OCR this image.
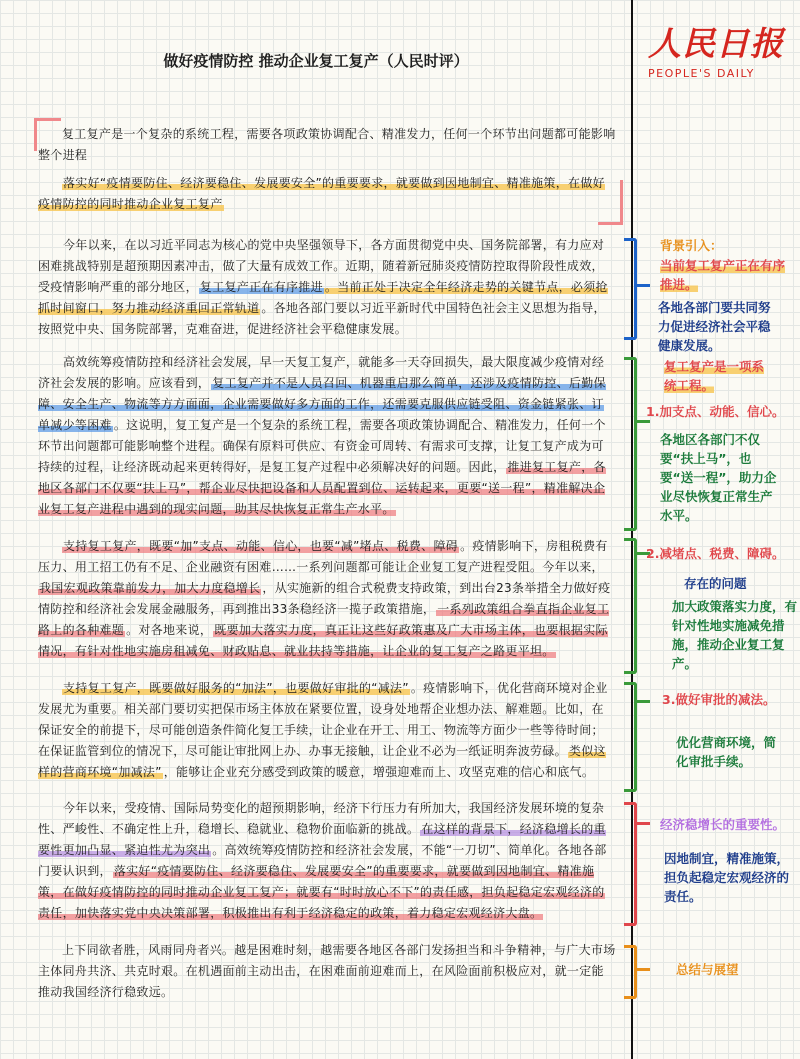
做好疫情防控 推动企业复工复产（人民时评）	人民日报
PEOPLE'S DAILY

复工复产是一个复杂的系统工程，需要各项政策协调配合、精准发力，任何一个环节出问题都可能影响整个进程

落实好“疫情要防住、经济要稳住、发展要安全”的重要要求，就要做到因地制宜、精准施策，在做好疫情防控的同时推动企业复工复产

今年以来，在以习近平同志为核心的党中央坚强领导下，各方面贯彻党中央、国务院部署，有力应对困难挑战特别是超预期因素冲击，做了大量有成效工作。近期，随着新冠肺炎疫情防控取得阶段性成效，受疫情影响严重的部分地区， 复工复产正在有序推进 。当前正处于决定全年经济走势的关键节点，必须抢抓时间窗口，努力推动经济重回正常轨道 。各地各部门要以习近平新时代中国特色社会主义思想为指导，按照党中央、国务院部署，克难奋进，促进经济社会平稳健康发展。

高效统筹疫情防控和经济社会发展，早一天复工复产，就能多一天夺回损失，最大限度减少疫情对经济社会发展的影响。应该看到， 复工复产并不是人员召回、机器重启那么简单，还涉及疫情防控、后勤保障、安全生产、物流等方方面面，企业需要做好多方面的工作，还需要克服供应链受阻、资金链紧张、订单减少等困难 。这说明，复工复产是一个复杂的系统工程，需要各项政策协调配合、精准发力，任何一个环节出问题都可能影响整个进程。确保有原料可供应、有资金可周转、有需求可支撑，让复工复产成为可持续的过程，让经济既动起来更转得好，是复工复产过程中必须解决好的问题。因此， 推进复工复产，各地区各部门不仅要“扶上马”，帮企业尽快把设备和人员配置到位、运转起来，更要“送一程”，精准解决企业复工复产进程中遇到的现实问题，助其尽快恢复正常生产水平。

支持复工复产，既要“加”支点、动能、信心，也要“减”堵点、税费、障碍 。疫情影响下，房租税费有压力、用工招工仍有不足、企业融资有困难……一系列问题都可能让企业复工复产进程受阻。今年以来，我国宏观政策靠前发力，加大力度稳增长 ，从实施新的组合式税费支持政策，到出台23条举措全力做好疫情防控和经济社会发展金融服务，再到推出33条稳经济一揽子政策措施， 一系列政策组合拳直指企业复工路上的各种难题 。对各地来说， 既要加大落实力度，真正让这些好政策惠及广大市场主体，也要根据实际情况，有针对性地实施房租减免、财政贴息、就业扶持等措施，让企业的复工复产之路更平坦。

支持复工复产，既要做好服务的“加法”，也要做好审批的“减法” 。疫情影响下，优化营商环境对企业发展尤为重要。相关部门要切实把保市场主体放在紧要位置，设身处地帮企业想办法、解难题。比如，在保证安全的前提下，尽可能创造条件简化复工手续，让企业在开工、用工、物流等方面少一些等待时间；在保证监管到位的情况下，尽可能让审批网上办、办事无接触，让企业不必为一纸证明奔波劳碌。 类似这样的营商环境“加减法” ，能够让企业充分感受到政策的暖意，增强迎难而上、攻坚克难的信心和底气。

今年以来，受疫情、国际局势变化的超预期影响，经济下行压力有所加大，我国经济发展环境的复杂性、严峻性、不确定性上升，稳增长、稳就业、稳物价面临新的挑战。 在这样的背景下，经济稳增长的重要性更加凸显、紧迫性尤为突出 。高效统筹疫情防控和经济社会发展，不能“一刀切”、简单化。各地各部门要认识到， 落实好“疫情要防住、经济要稳住、发展要安全”的重要要求，就要做到因地制宜、精准施策，在做好疫情防控的同时推动企业复工复产；就要有“时时放心不下”的责任感，担负起稳定宏观经济的责任，加快落实党中央决策部署，积极推出有利于经济稳定的政策，着力稳定宏观经济大盘。

上下同欲者胜，风雨同舟者兴。越是困难时刻，越需要各地区各部门发扬担当和斗争精神，与广大市场主体同舟共济、共克时艰。在机遇面前主动出击，在困难面前迎难而上，在风险面前积极应对，就一定能推动我国经济行稳致远。

背景引入：
当前复工复产正在有序推进。
各地各部门要共同努力促进经济社会平稳健康发展。
复工复产是一项系统工程。
1.加支点、动能、信心。
各地区各部门不仅要“扶上马”，也要“送一程”，助力企业尽快恢复正常生产水平。
2.减堵点、税费、障碍。
存在的问题
加大政策落实力度，有针对性地实施减免措施，推动企业复工复产。
3.做好审批的减法。
优化营商环境，简化审批手续。
经济稳增长的重要性。
因地制宜，精准施策，担负起稳定宏观经济的责任。
总结与展望
